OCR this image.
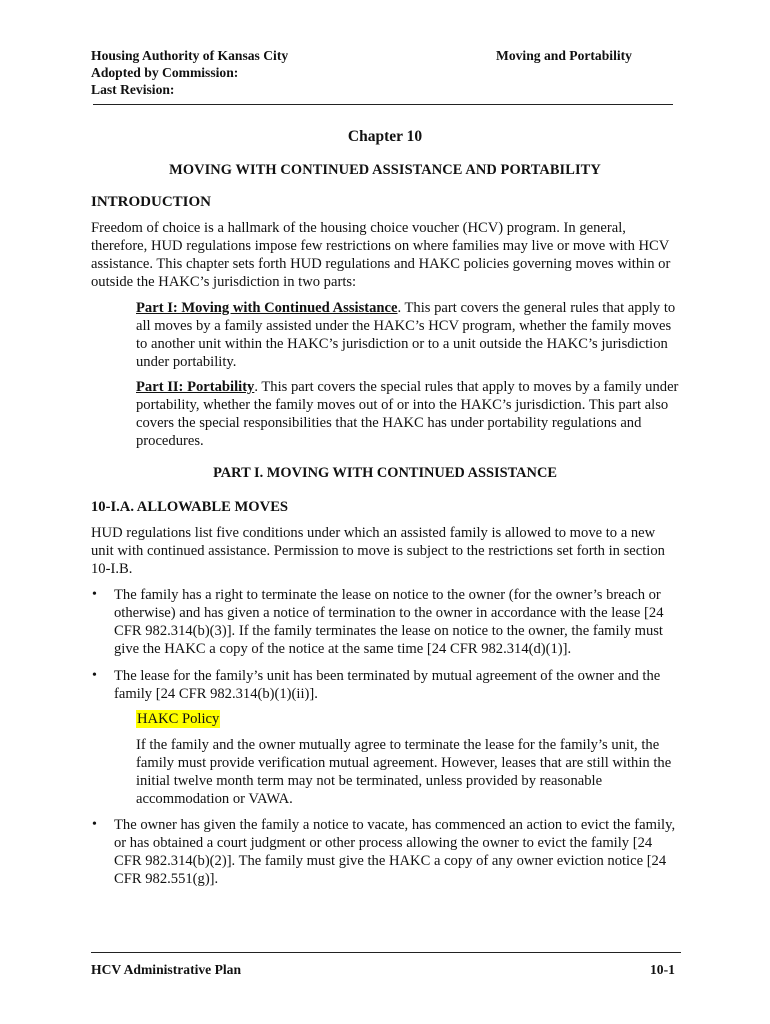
Housing Authority of Kansas City
Adopted by Commission:
Last Revision:
Moving and Portability
Chapter 10
MOVING WITH CONTINUED ASSISTANCE AND PORTABILITY
INTRODUCTION
Freedom of choice is a hallmark of the housing choice voucher (HCV) program. In general, therefore, HUD regulations impose few restrictions on where families may live or move with HCV assistance. This chapter sets forth HUD regulations and HAKC policies governing moves within or outside the HAKC’s jurisdiction in two parts:
Part I: Moving with Continued Assistance. This part covers the general rules that apply to all moves by a family assisted under the HAKC’s HCV program, whether the family moves to another unit within the HAKC’s jurisdiction or to a unit outside the HAKC’s jurisdiction under portability.
Part II: Portability. This part covers the special rules that apply to moves by a family under portability, whether the family moves out of or into the HAKC’s jurisdiction. This part also covers the special responsibilities that the HAKC has under portability regulations and procedures.
PART I. MOVING WITH CONTINUED ASSISTANCE
10-I.A. ALLOWABLE MOVES
HUD regulations list five conditions under which an assisted family is allowed to move to a new unit with continued assistance. Permission to move is subject to the restrictions set forth in section 10-I.B.
• The family has a right to terminate the lease on notice to the owner (for the owner’s breach or otherwise) and has given a notice of termination to the owner in accordance with the lease [24 CFR 982.314(b)(3)]. If the family terminates the lease on notice to the owner, the family must give the HAKC a copy of the notice at the same time [24 CFR 982.314(d)(1)].
• The lease for the family’s unit has been terminated by mutual agreement of the owner and the family [24 CFR 982.314(b)(1)(ii)].
HAKC Policy
If the family and the owner mutually agree to terminate the lease for the family’s unit, the family must provide verification mutual agreement. However, leases that are still within the initial twelve month term may not be terminated, unless provided by reasonable accommodation or VAWA.
• The owner has given the family a notice to vacate, has commenced an action to evict the family, or has obtained a court judgment or other process allowing the owner to evict the family [24 CFR 982.314(b)(2)]. The family must give the HAKC a copy of any owner eviction notice [24 CFR 982.551(g)].
HCV Administrative Plan	10-1
